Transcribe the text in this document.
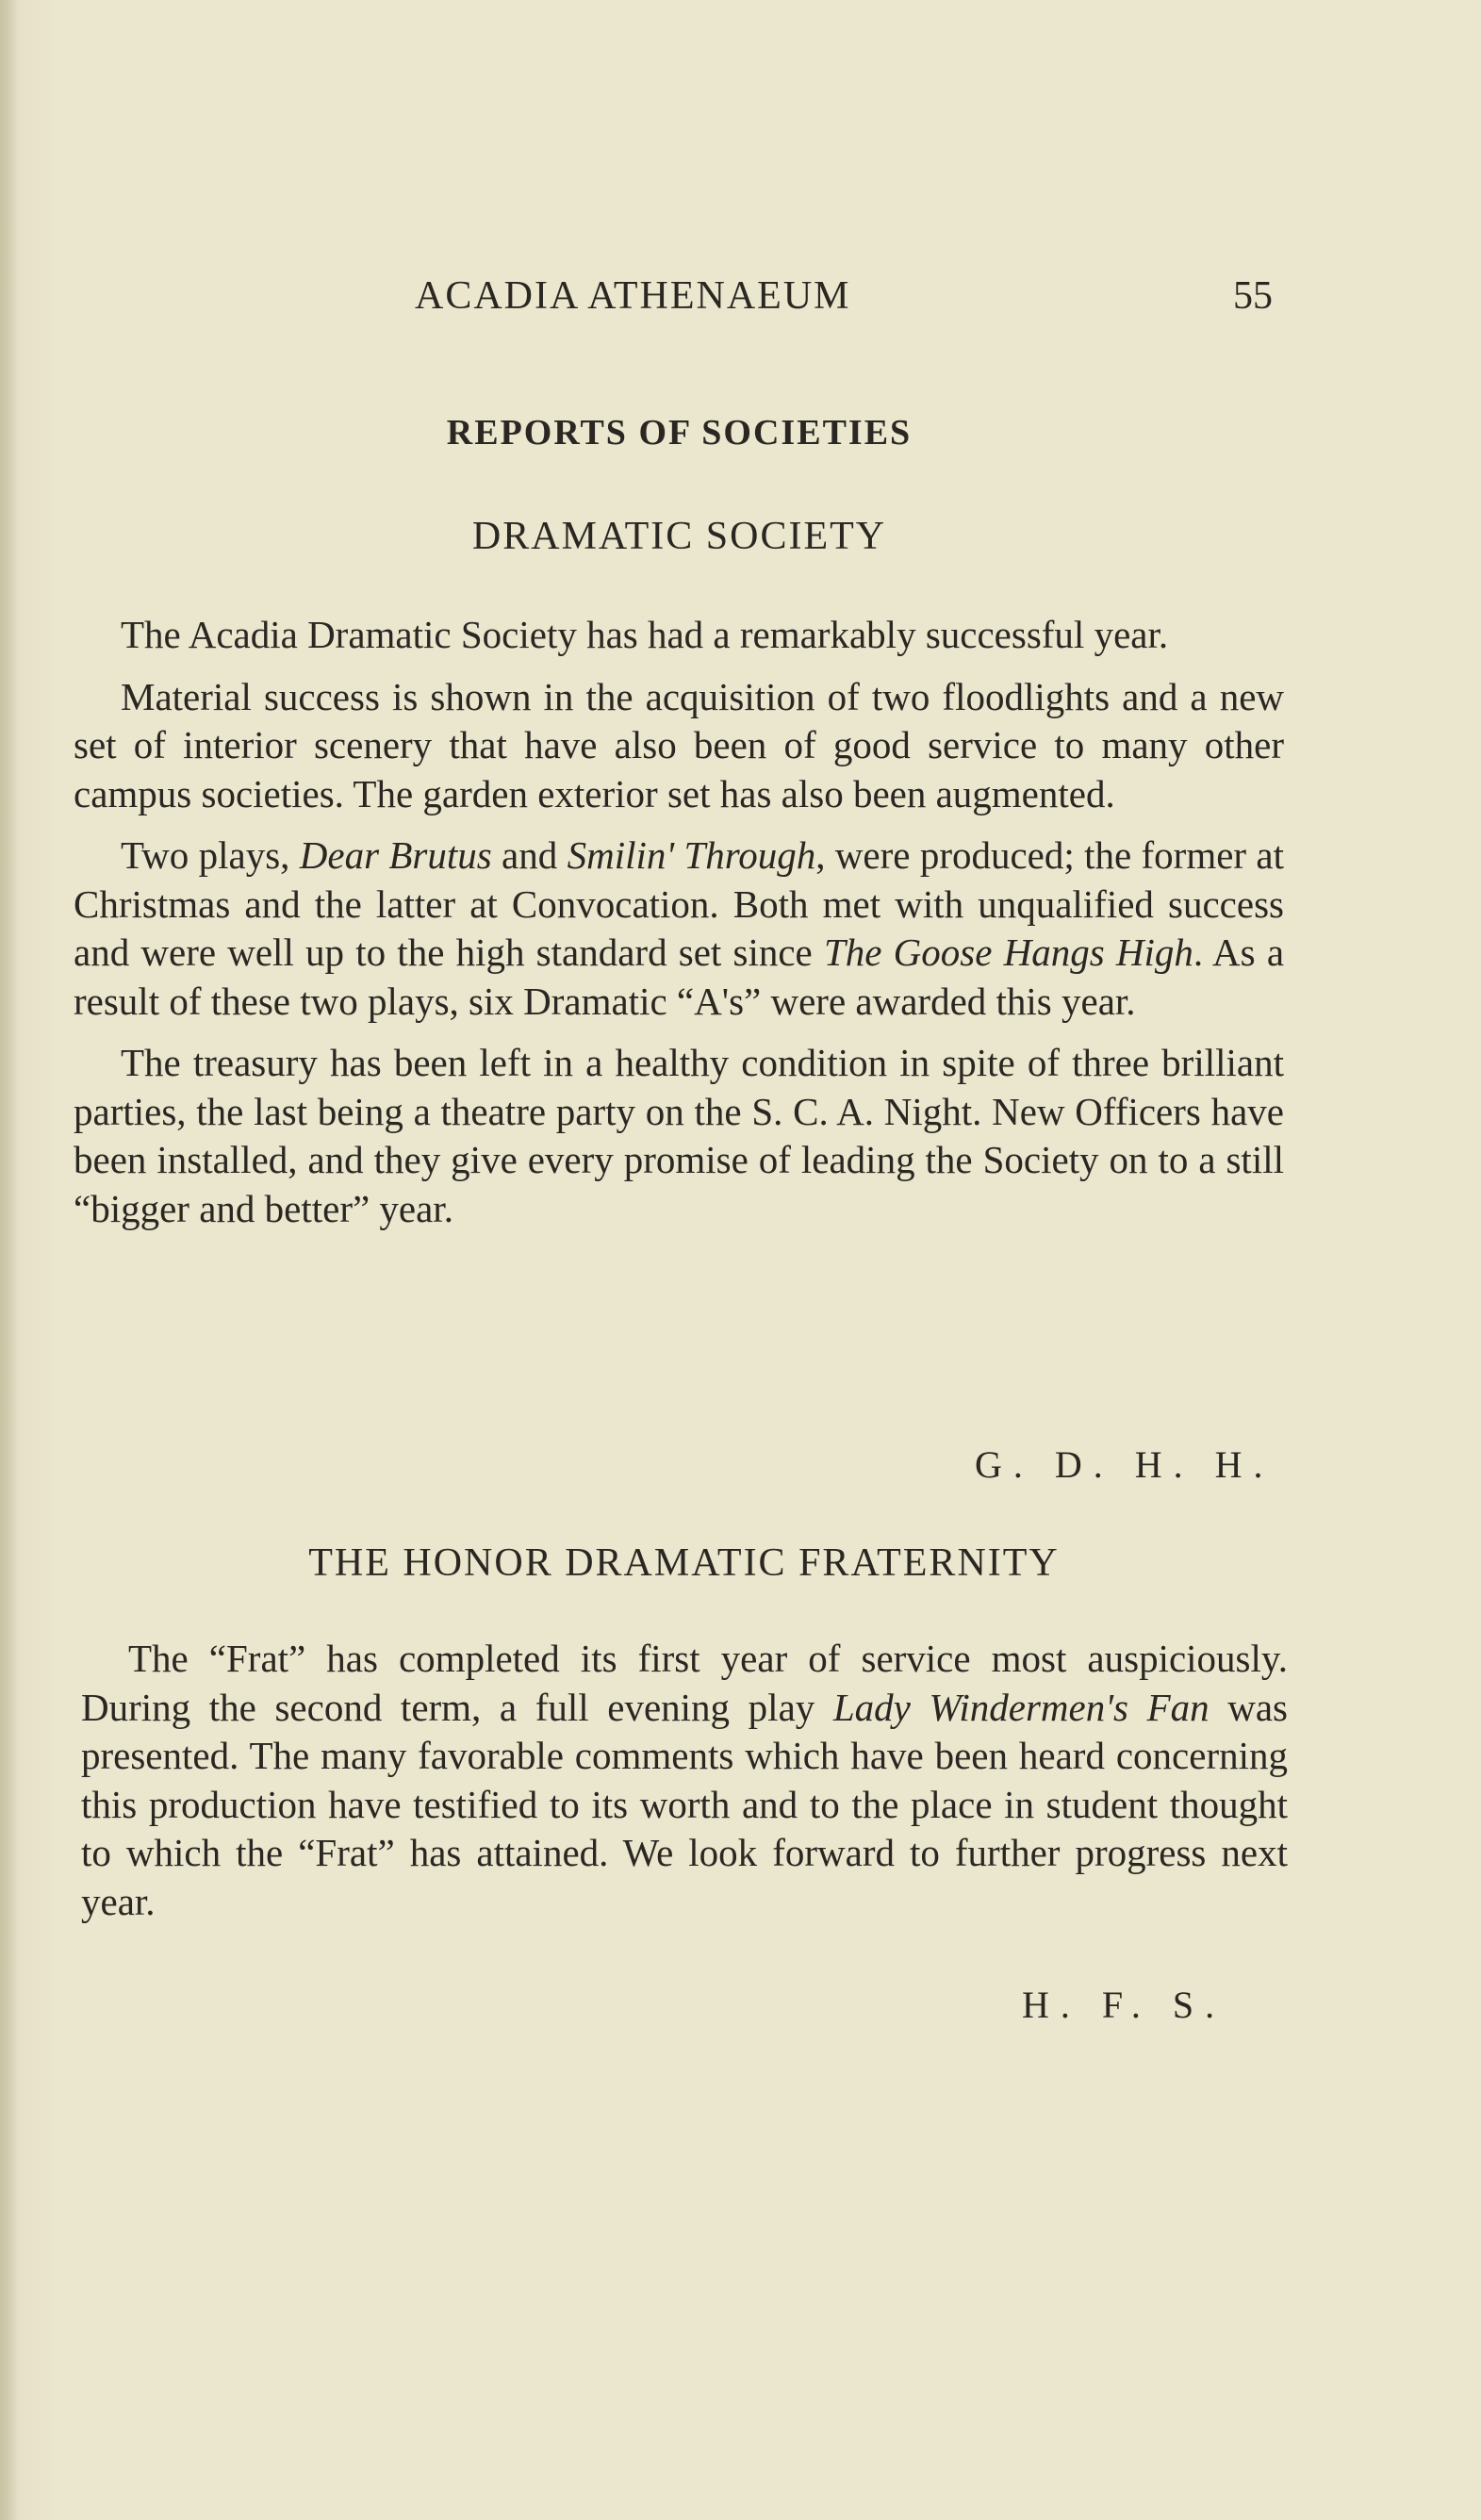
ACADIA ATHENAEUM	55
REPORTS OF SOCIETIES
DRAMATIC SOCIETY

The Acadia Dramatic Society has had a remarkably successful year.

Material success is shown in the acquisition of two floodlights and a new set of interior scenery that have also been of good service to many other campus societies. The garden exterior set has also been augmented.

Two plays, Dear Brutus and Smilin' Through, were produced; the former at Christmas and the latter at Convocation. Both met with unqualified success and were well up to the high standard set since The Goose Hangs High. As a result of these two plays, six Dramatic “A's” were awarded this year.

The treasury has been left in a healthy condition in spite of three brilliant parties, the last being a theatre party on the S. C. A. Night. New Officers have been installed, and they give every promise of leading the Society on to a still “bigger and better” year.

G. D. H. H.
THE HONOR DRAMATIC FRATERNITY

The “Frat” has completed its first year of service most auspiciously. During the second term, a full evening play Lady Windermen's Fan was presented. The many favorable comments which have been heard concerning this production have testified to its worth and to the place in student thought to which the “Frat” has attained. We look forward to further progress next year.

H. F. S.
